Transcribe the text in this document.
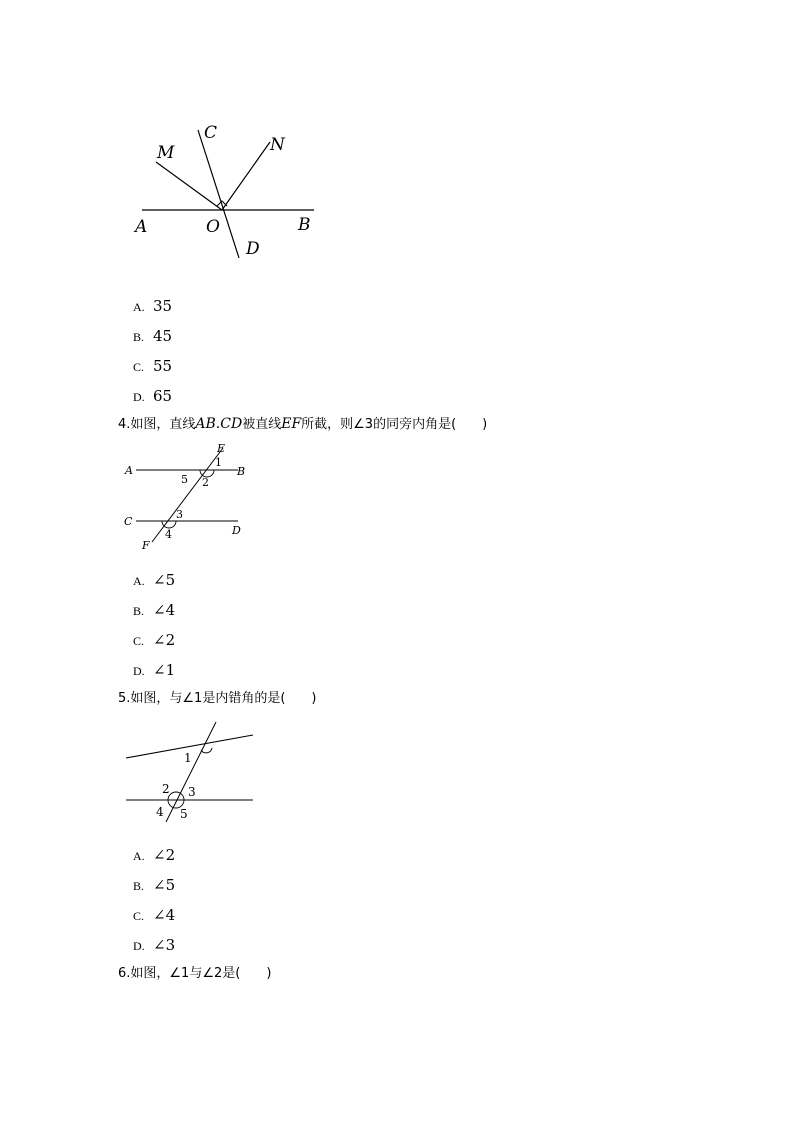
M
C
N
A	O	B
D
A. 35
B. 45
C. 55
D. 65
4.如图，直线AB.CD被直线EF所截，则∠3的同旁内角是(　　)
E
A	B
1
5 2
3
C
D
4
F
A. ∠5
B. ∠4
C. ∠2
D. ∠1
5.如图，与∠1是内错角的是(　　)
1
2 3
4 5
A. ∠2
B. ∠5
C. ∠4
D. ∠3
6.如图，∠1与∠2是(　　)
